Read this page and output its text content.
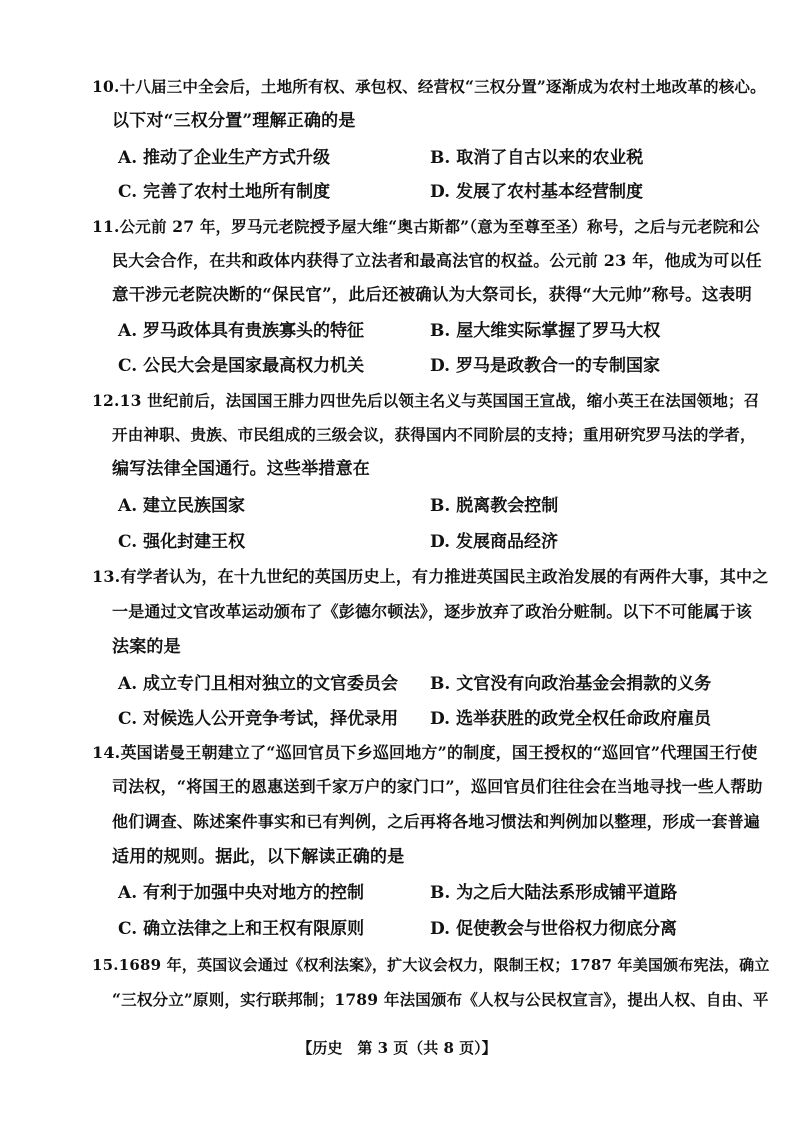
10.十八届三中全会后，土地所有权、承包权、经营权“三权分置”逐渐成为农村土地改革的核心。
以下对“三权分置”理解正确的是
A. 推动了企业生产方式升级	B. 取消了自古以来的农业税
C. 完善了农村土地所有制度	D. 发展了农村基本经营制度
11.公元前 27 年，罗马元老院授予屋大维“奥古斯都”（意为至尊至圣）称号，之后与元老院和公
民大会合作，在共和政体内获得了立法者和最高法官的权益。公元前 23 年，他成为可以任
意干涉元老院决断的“保民官”，此后还被确认为大祭司长，获得“大元帅”称号。这表明
A. 罗马政体具有贵族寡头的特征	B. 屋大维实际掌握了罗马大权
C. 公民大会是国家最高权力机关	D. 罗马是政教合一的专制国家
12.13 世纪前后，法国国王腓力四世先后以领主名义与英国国王宣战，缩小英王在法国领地；召
开由神职、贵族、市民组成的三级会议，获得国内不同阶层的支持；重用研究罗马法的学者，
编写法律全国通行。这些举措意在
A. 建立民族国家	B. 脱离教会控制
C. 强化封建王权	D. 发展商品经济
13.有学者认为，在十九世纪的英国历史上，有力推进英国民主政治发展的有两件大事，其中之
一是通过文官改革运动颁布了《彭德尔顿法》，逐步放弃了政治分赃制。以下不可能属于该
法案的是
A. 成立专门且相对独立的文官委员会 B. 文官没有向政治基金会捐款的义务
C. 对候选人公开竞争考试，择优录用 D. 选举获胜的政党全权任命政府雇员
14.英国诺曼王朝建立了“巡回官员下乡巡回地方”的制度，国王授权的“巡回官”代理国王行使
司法权，“将国王的恩惠送到千家万户的家门口”，巡回官员们往往会在当地寻找一些人帮助
他们调查、陈述案件事实和已有判例，之后再将各地习惯法和判例加以整理，形成一套普遍
适用的规则。据此，以下解读正确的是
A. 有利于加强中央对地方的控制	B. 为之后大陆法系形成铺平道路
C. 确立法律之上和王权有限原则	D. 促使教会与世俗权力彻底分离
15.1689 年，英国议会通过《权利法案》，扩大议会权力，限制王权；1787 年美国颁布宪法，确立
“三权分立”原则，实行联邦制；1789 年法国颁布《人权与公民权宣言》，提出人权、自由、平
【历史　第 3 页（共 8 页）】
